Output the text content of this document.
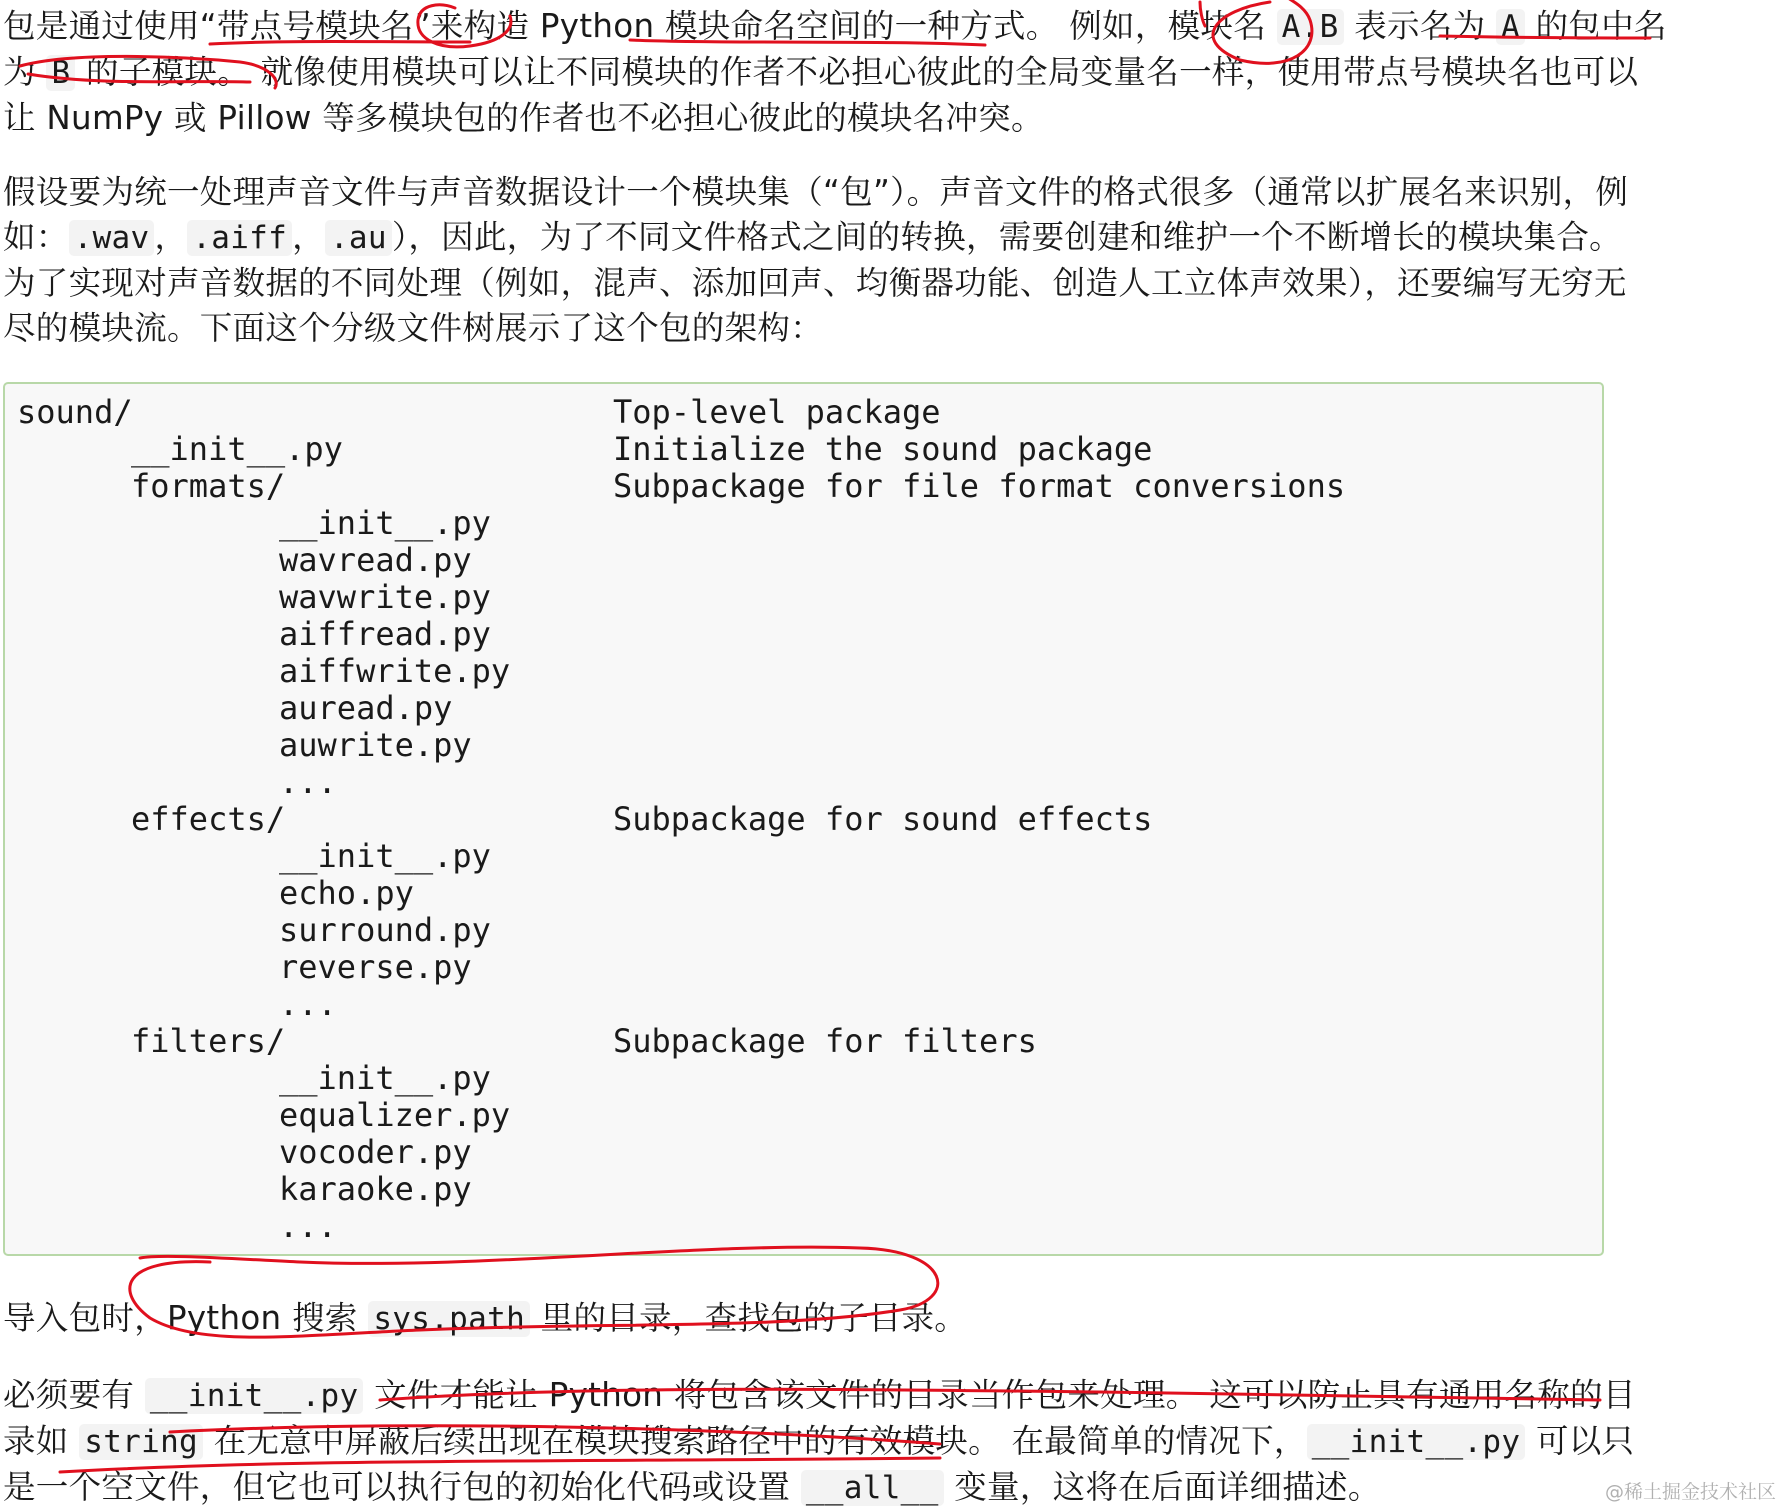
包是通过使用“带点号模块名”来构造 Python 模块命名空间的一种方式。 例如，模块名 A.B 表示名为 A 的包中名
为 B 的子模块。 就像使用模块可以让不同模块的作者不必担心彼此的全局变量名一样，使用带点号模块名也可以
让 NumPy 或 Pillow 等多模块包的作者也不必担心彼此的模块名冲突。
假设要为统一处理声音文件与声音数据设计一个模块集（“包”）。声音文件的格式很多（通常以扩展名来识别，例
如： .wav ， .aiff ， .au ），因此，为了不同文件格式之间的转换，需要创建和维护一个不断增长的模块集合。
为了实现对声音数据的不同处理（例如，混声、添加回声、均衡器功能、创造人工立体声效果），还要编写无穷无
尽的模块流。下面这个分级文件树展示了这个包的架构：
sound/	Top-level package
__init__.py	Initialize the sound package
formats/	Subpackage for file format conversions
__init__.py
wavread.py
wavwrite.py
aiffread.py
aiffwrite.py
auread.py
auwrite.py
...
effects/	Subpackage for sound effects
__init__.py
echo.py
surround.py
reverse.py
...
filters/	Subpackage for filters
__init__.py
equalizer.py
vocoder.py
karaoke.py
...
导入包时，Python 搜索 sys.path 里的目录，查找包的子目录。
必须要有 __init__.py 文件才能让 Python 将包含该文件的目录当作包来处理。 这可以防止具有通用名称的目
录如 string 在无意中屏蔽后续出现在模块搜索路径中的有效模块。 在最简单的情况下， __init__.py 可以只
是一个空文件，但它也可以执行包的初始化代码或设置 __all__ 变量，这将在后面详细描述。	@稀土掘金技术社区
